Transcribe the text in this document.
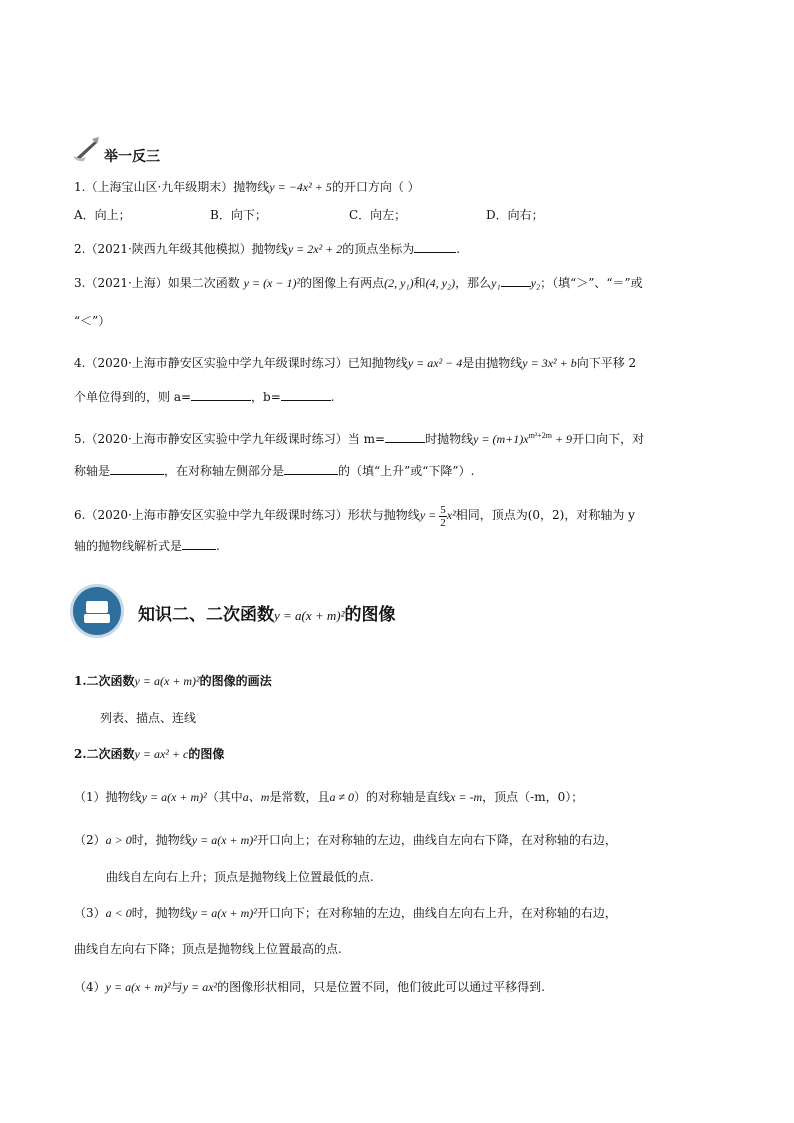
举一反三
1.（上海宝山区·九年级期末）抛物线y = −4x² + 5的开口方向（ ）
A．向上；	B．向下；	C．向左；	D．向右；
2.（2021·陕西九年级其他模拟）抛物线y = 2x² + 2的顶点坐标为	.
3.（2021·上海）如果二次函数 y = (x − 1)²的图像上有两点(2, y₁)和(4, y₂)，那么y₁	y₂；（填“＞”、“＝”或
“＜”）
4.（2020·上海市静安区实验中学九年级课时练习）已知抛物线y = ax² − 4是由抛物线y = 3x² + b向下平移 2
个单位得到的，则 a=	，b=	.
5.（2020·上海市静安区实验中学九年级课时练习）当 m=	时抛物线$y = (m+1)x^{m^2+2m} + 9$开口向下，对
称轴是	，在对称轴左侧部分是	的（填“上升”或“下降”）.
6.（2020·上海市静安区实验中学九年级课时练习）形状与抛物线$y = \frac{5}{2} x^2$相同，顶点为(0，2)，对称轴为 y
轴的抛物线解析式是	.
知识二、二次函数y = a(x + m)²的图像
1.二次函数y = a(x + m)²的图像的画法
列表、描点、连线
2.二次函数y = ax² + c的图像
（1）抛物线y = a(x + m)²（其中a、m是常数，且a ≠ 0）的对称轴是直线x = -m，顶点（-m，0）；
（2）a > 0时，抛物线y = a(x + m)²开口向上；在对称轴的左边，曲线自左向右下降，在对称轴的右边，
曲线自左向右上升；顶点是抛物线上位置最低的点.
（3）a < 0时，抛物线y = a(x + m)²开口向下；在对称轴的左边，曲线自左向右上升，在对称轴的右边，
曲线自左向右下降；顶点是抛物线上位置最高的点.
（4）y = a(x + m)²与y = ax²的图像形状相同，只是位置不同，他们彼此可以通过平移得到.
